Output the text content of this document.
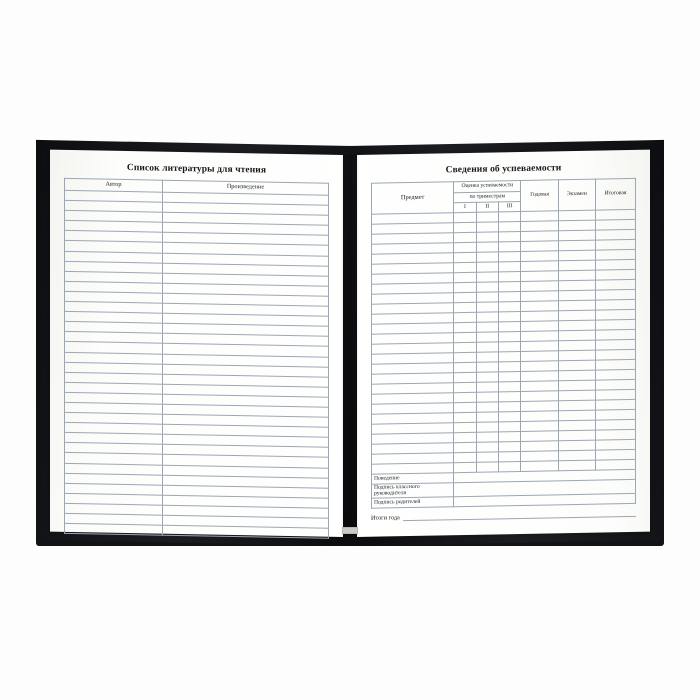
Список литературы для чтения
Автор	Произведение

Сведения об успеваемости
Предмет	Оценка успеваемости			Годовая	Экзамен	Итоговая
	по триместрам					
	I	II	III			

Поведение						
Подпись классного руководителя						
Подпись родителей						
Итоги года
